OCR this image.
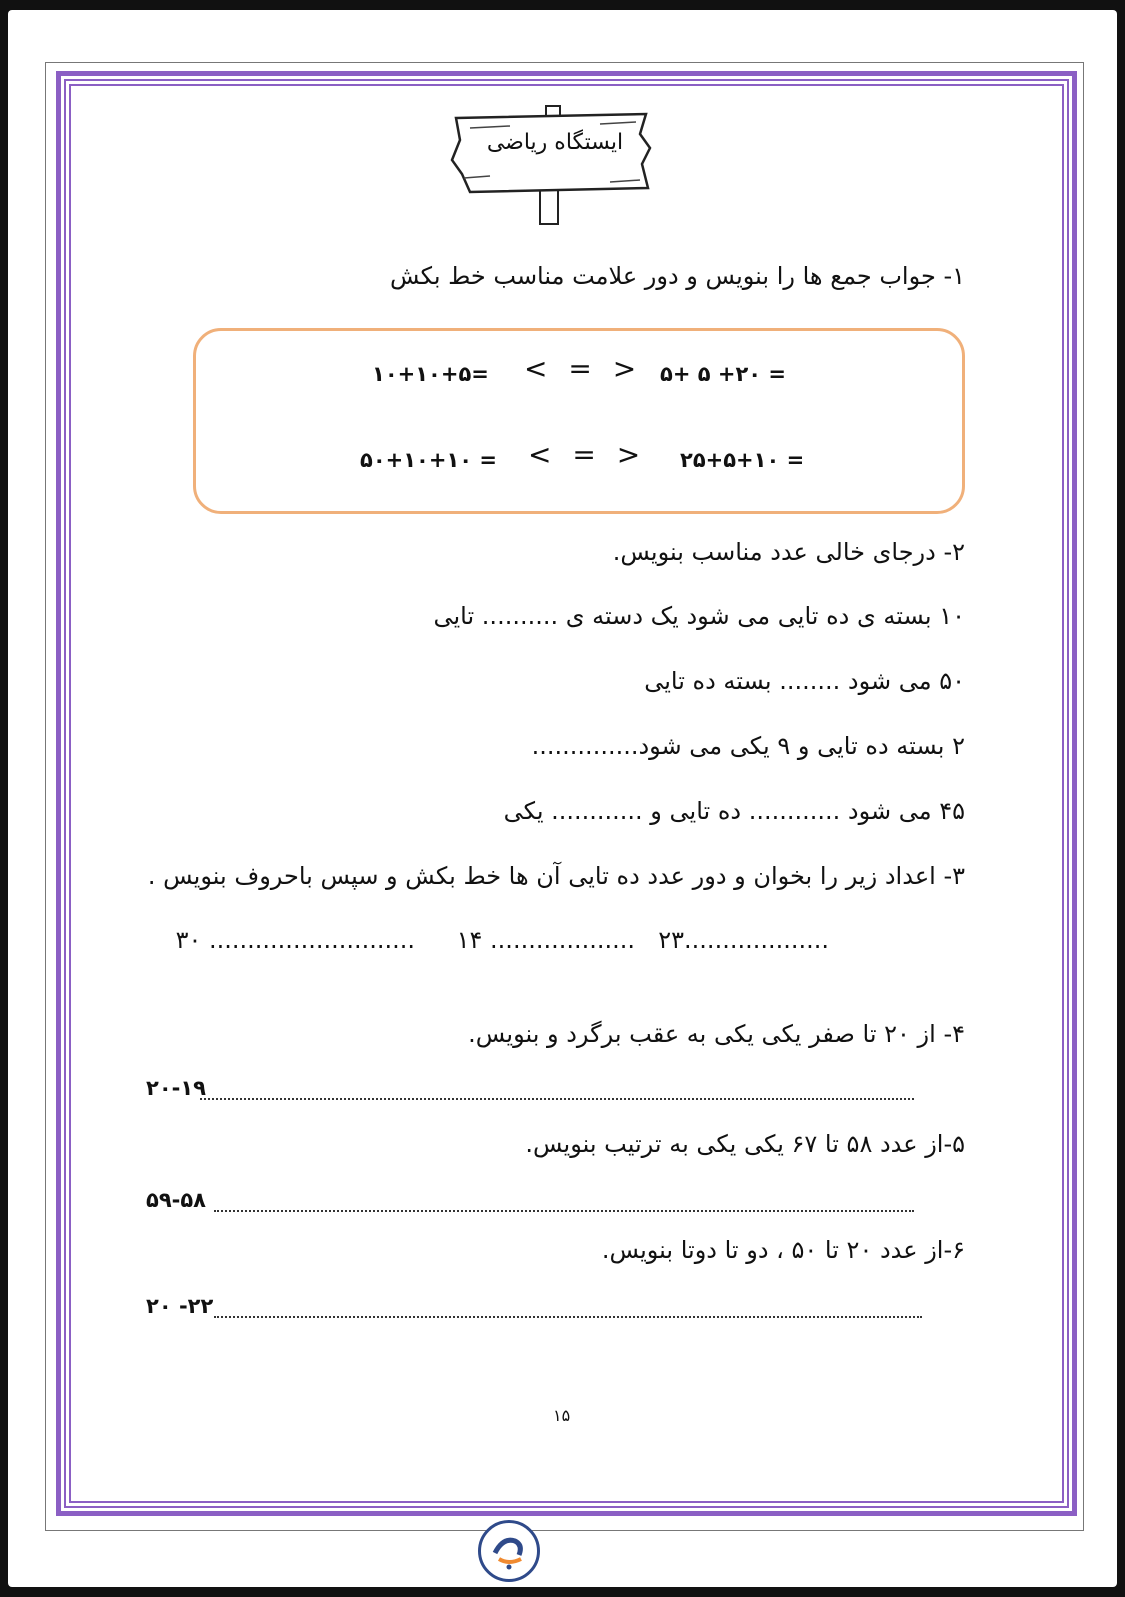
ایستگاه ریاضی
۱- جواب جمع ها را بنویس و دور علامت مناسب خط بکش
۱۰+۱۰+۵= < = > ۵+ ۵ +۲۰ =
۵۰+۱۰+۱۰ = < = > ۲۵+۵+۱۰ =
۲- درجای خالی عدد مناسب بنویس.
۱۰ بسته ی ده تایی می شود یک دسته ی .......... تایی
۵۰ می شود ........ بسته ده تایی
۲ بسته ده تایی و ۹ یکی می شود..............
۴۵ می شود ............ ده تایی و ............ یکی
۳- اعداد زیر را بخوان و دور عدد ده تایی آن ها خط بکش و سپس باحروف بنویس .
۲۳...................
۱۴ ...................
۳۰ ...........................
۴- از ۲۰ تا صفر یکی یکی به عقب برگرد و بنویس.
۲۰-۱۹
۵-از عدد ۵۸ تا ۶۷ یکی یکی به ترتیب بنویس.
۵۹-۵۸
۶-از عدد ۲۰ تا ۵۰ ، دو تا دوتا بنویس.
۲۰ -۲۲
۱۵
somayehrouhi.ir
